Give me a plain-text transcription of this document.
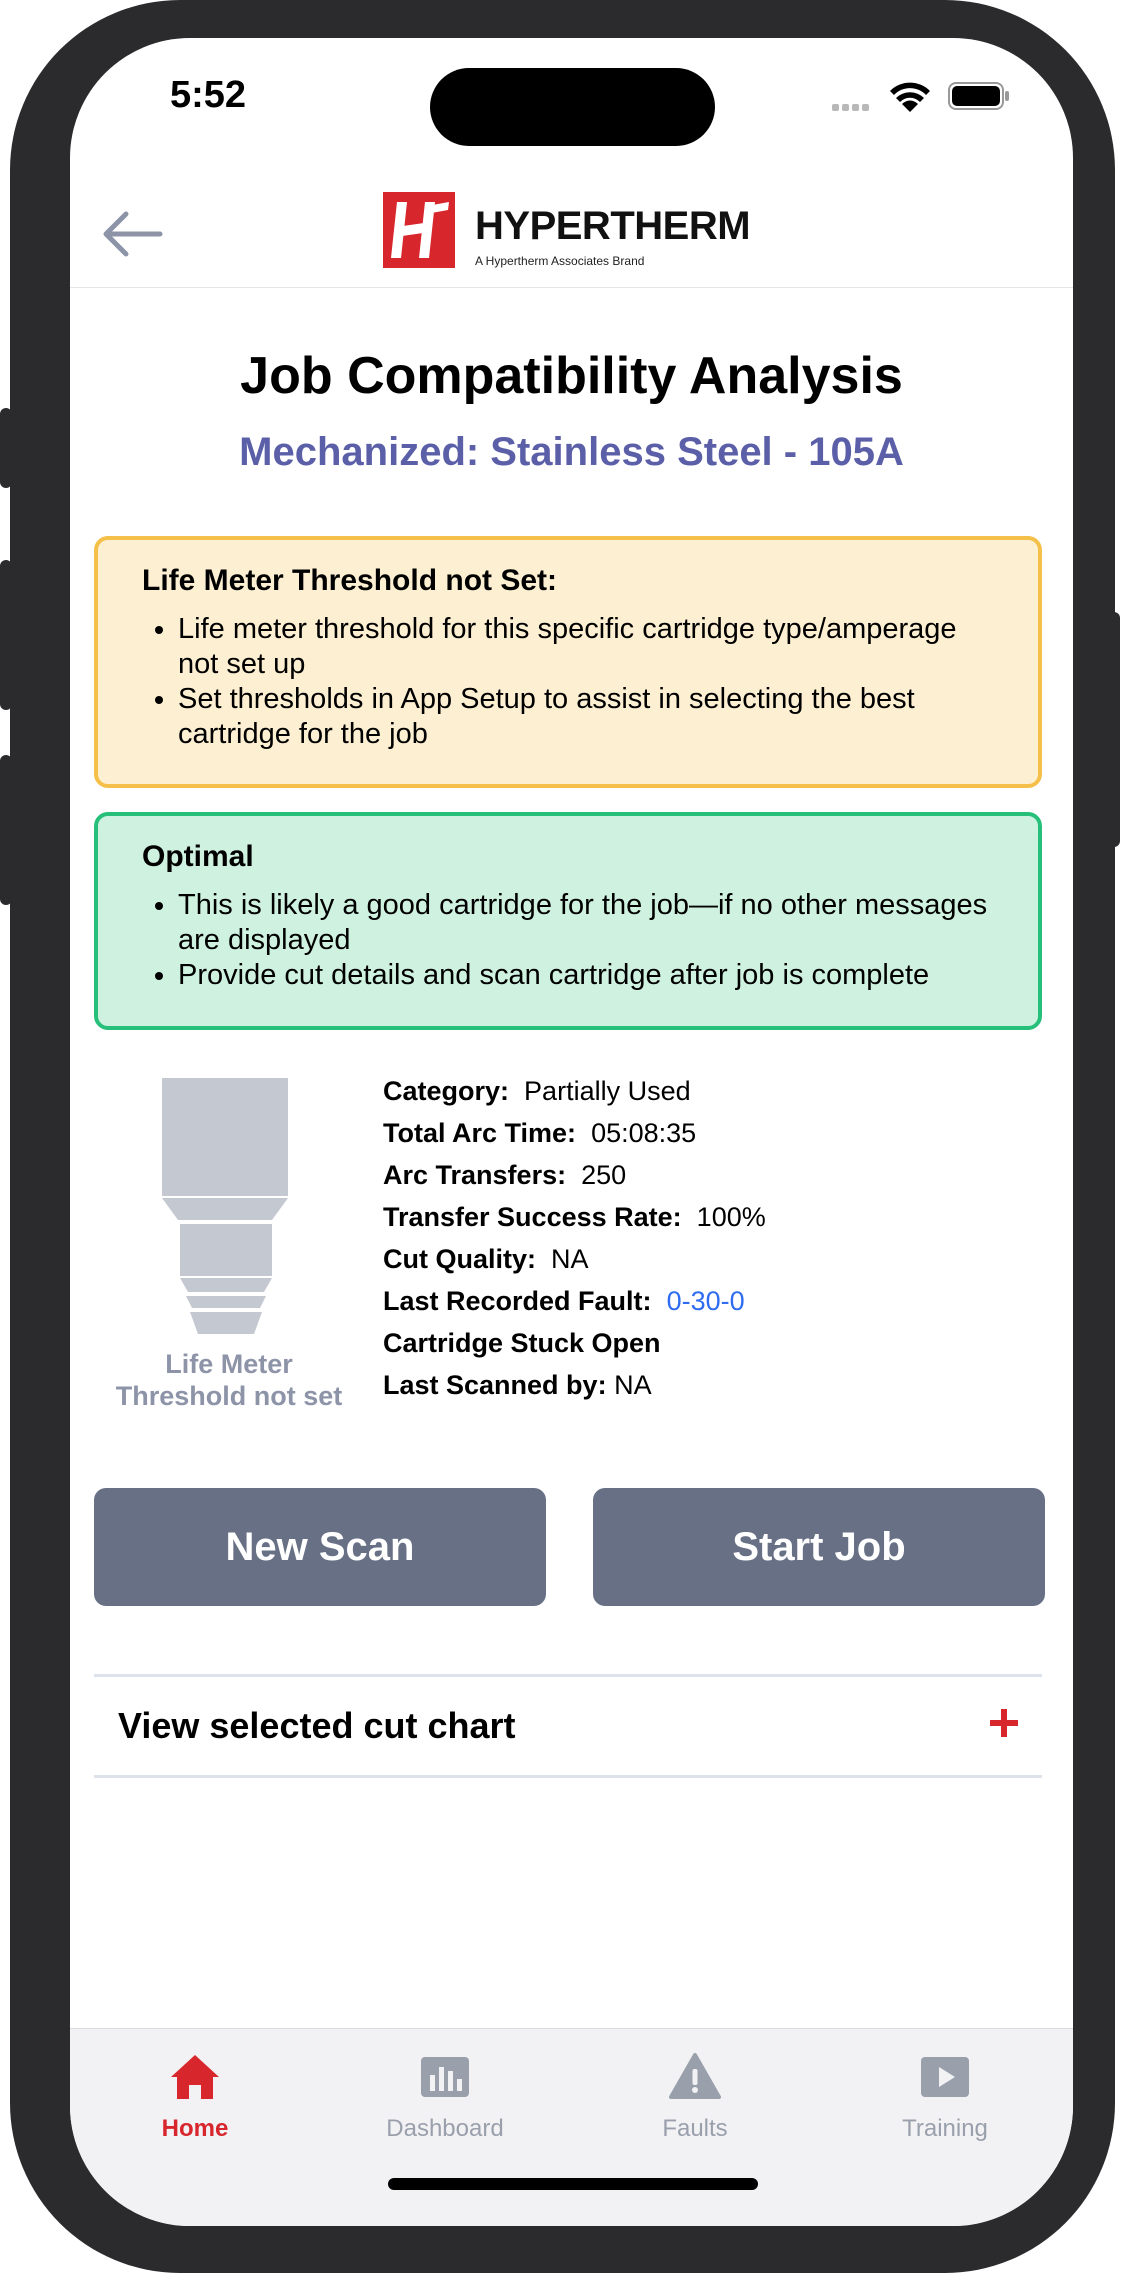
5:52
HYPERTHERM
A Hypertherm Associates Brand
Job Compatibility Analysis
Mechanized: Stainless Steel - 105A
Life Meter Threshold not Set:
• Life meter threshold for this specific cartridge type/amperage not set up
• Set thresholds in App Setup to assist in selecting the best cartridge for the job
Optimal
• This is likely a good cartridge for the job—if no other messages are displayed
• Provide cut details and scan cartridge after job is complete
Life Meter
Threshold not set
Category: Partially Used
Total Arc Time: 05:08:35
Arc Transfers: 250
Transfer Success Rate: 100%
Cut Quality: NA
Last Recorded Fault: 0-30-0
Cartridge Stuck Open
Last Scanned by: NA
New Scan	Start Job
View selected cut chart
Home	Dashboard	Faults	Training
